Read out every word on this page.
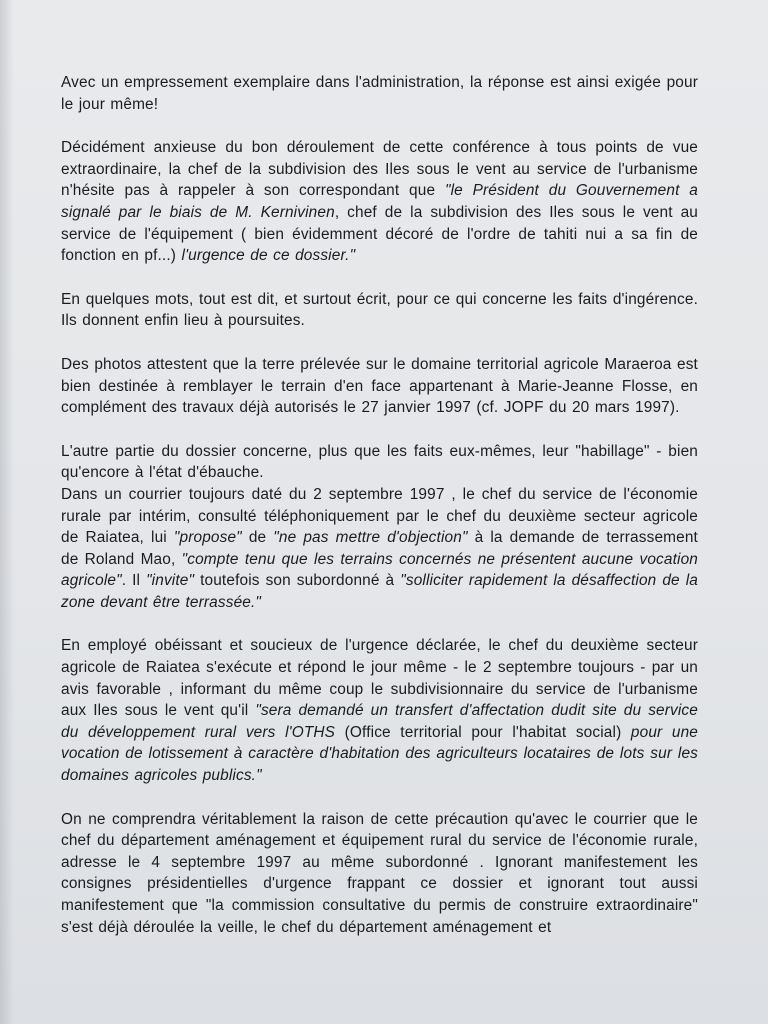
Avec un empressement exemplaire dans l'administration, la réponse est ainsi exigée pour le jour même!

Décidément anxieuse du bon déroulement de cette conférence à tous points de vue extraordinaire, la chef de la subdivision des Iles sous le vent au service de l'urbanisme n'hésite pas à rappeler à son correspondant que "le Président du Gouvernement a signalé par le biais de M. Kernivinen, chef de la subdivision des Iles sous le vent au service de l'équipement ( bien évidemment décoré de l'ordre de tahiti nui a sa fin de fonction en pf...) l'urgence de ce dossier."

En quelques mots, tout est dit, et surtout écrit, pour ce qui concerne les faits d'ingérence. Ils donnent enfin lieu à poursuites.

Des photos attestent que la terre prélevée sur le domaine territorial agricole Maraeroa est bien destinée à remblayer le terrain d'en face appartenant à Marie-Jeanne Flosse, en complément des travaux déjà autorisés le 27 janvier 1997 (cf. JOPF du 20 mars 1997).

L'autre partie du dossier concerne, plus que les faits eux-mêmes, leur "habillage" - bien qu'encore à l'état d'ébauche.

Dans un courrier toujours daté du 2 septembre 1997 , le chef du service de l'économie rurale par intérim, consulté téléphoniquement par le chef du deuxième secteur agricole de Raiatea, lui "propose" de "ne pas mettre d'objection" à la demande de terrassement de Roland Mao, "compte tenu que les terrains concernés ne présentent aucune vocation agricole". Il "invite" toutefois son subordonné à "solliciter rapidement la désaffection de la zone devant être terrassée."

En employé obéissant et soucieux de l'urgence déclarée, le chef du deuxième secteur agricole de Raiatea s'exécute et répond le jour même - le 2 septembre toujours - par un avis favorable , informant du même coup le subdivisionnaire du service de l'urbanisme aux Iles sous le vent qu'il "sera demandé un transfert d'affectation dudit site du service du développement rural vers l'OTHS (Office territorial pour l'habitat social) pour une vocation de lotissement à caractère d'habitation des agriculteurs locataires de lots sur les domaines agricoles publics."

On ne comprendra véritablement la raison de cette précaution qu'avec le courrier que le chef du département aménagement et équipement rural du service de l'économie rurale, adresse le 4 septembre 1997 au même subordonné . Ignorant manifestement les consignes présidentielles d'urgence frappant ce dossier et ignorant tout aussi manifestement que "la commission consultative du permis de construire extraordinaire" s'est déjà déroulée la veille, le chef du département aménagement et
